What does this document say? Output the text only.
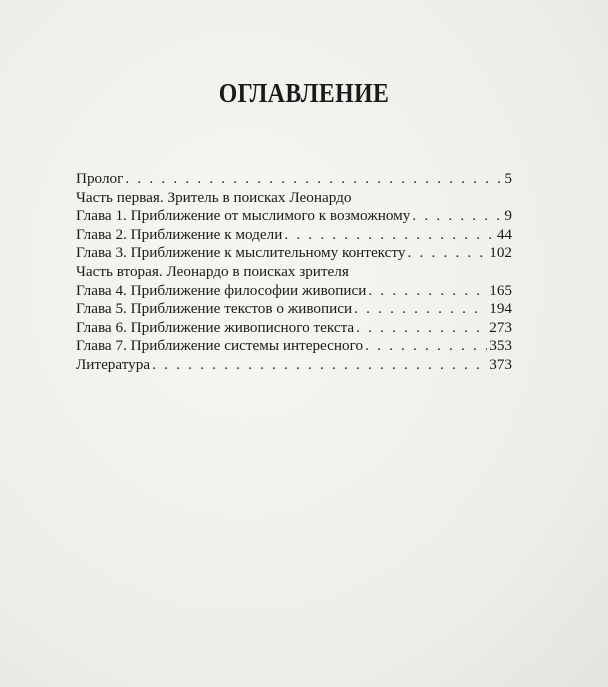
ОГЛАВЛЕНИЕ
Пролог . . .	5
Часть первая. Зритель в поисках Леонардо
Глава 1. Приближение от мыслимого к возможному . . .	9
Глава 2. Приближение к модели . . .	44
Глава 3. Приближение к мыслительному контексту . . .	102
Часть вторая. Леонардо в поисках зрителя
Глава 4. Приближение философии живописи . . .	165
Глава 5. Приближение текстов о живописи . . .	194
Глава 6. Приближение живописного текста . . .	273
Глава 7. Приближение системы интересного . . .	353
Литература . . .	373
